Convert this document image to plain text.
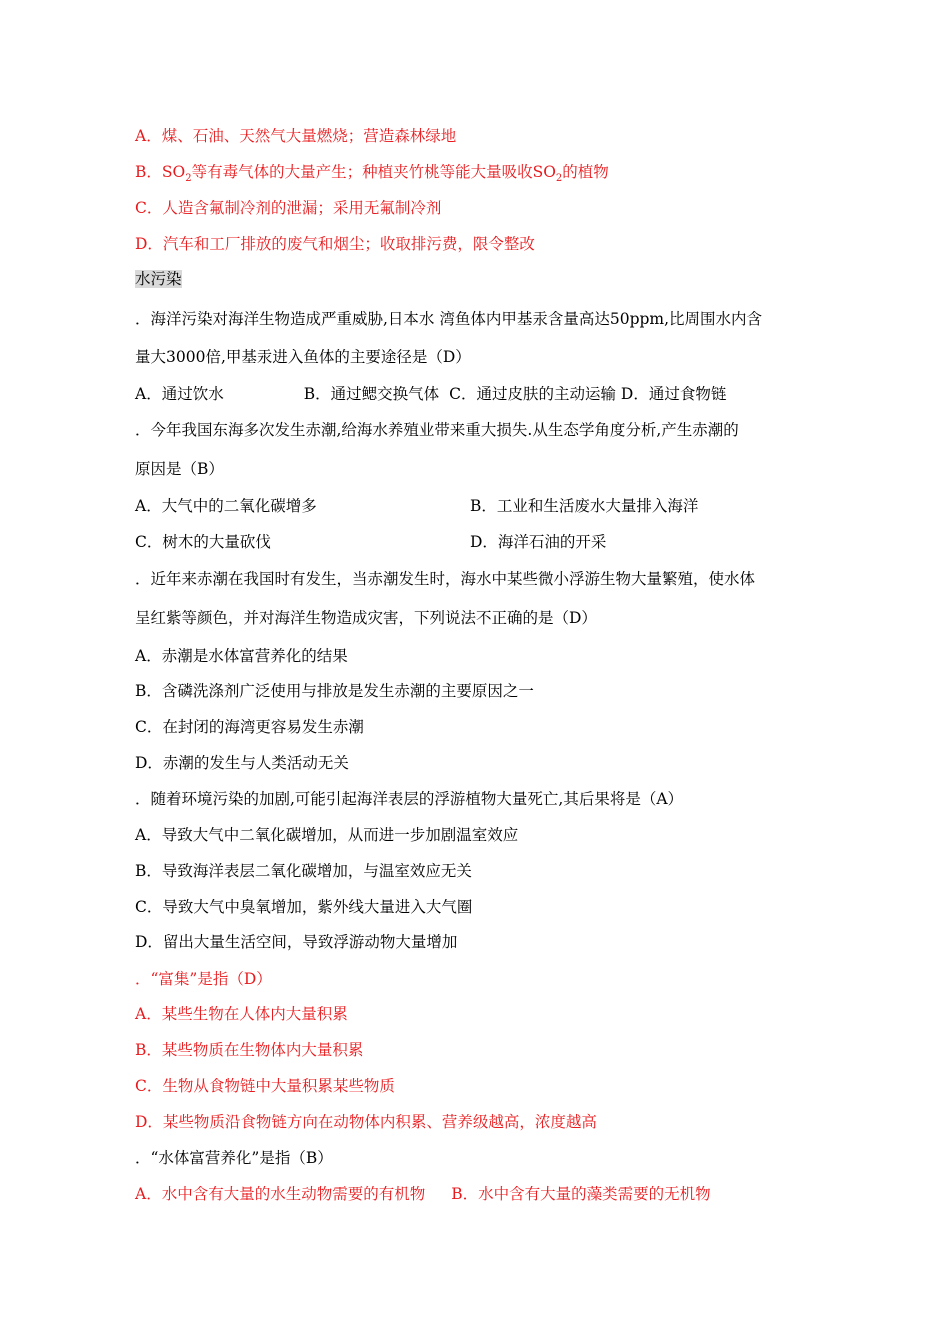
A．煤、石油、天然气大量燃烧；营造森林绿地
B．$SO_2$等有毒气体的大量产生；种植夹竹桃等能大量吸收$SO_2$的植物
C．人造含氟制冷剂的泄漏；采用无氟制冷剂
D．汽车和工厂排放的废气和烟尘；收取排污费，限令整改
水污染
．海洋污染对海洋生物造成严重威胁,日本水 湾鱼体内甲基汞含量高达50ppm,比周围水内含
量大3000倍,甲基汞进入鱼体的主要途径是（D）
A．通过饮水	B．通过鳃交换气体 C．通过皮肤的主动运输 D．通过食物链
．今年我国东海多次发生赤潮,给海水养殖业带来重大损失.从生态学角度分析,产生赤潮的
原因是（B）
A．大气中的二氧化碳增多	B．工业和生活废水大量排入海洋
C．树木的大量砍伐	D．海洋石油的开采
．近年来赤潮在我国时有发生，当赤潮发生时，海水中某些微小浮游生物大量繁殖，使水体
呈红紫等颜色，并对海洋生物造成灾害，下列说法不正确的是（D）
A．赤潮是水体富营养化的结果
B．含磷洗涤剂广泛使用与排放是发生赤潮的主要原因之一
C．在封闭的海湾更容易发生赤潮
D．赤潮的发生与人类活动无关
．随着环境污染的加剧,可能引起海洋表层的浮游植物大量死亡,其后果将是（A）
A．导致大气中二氧化碳增加，从而进一步加剧温室效应
B．导致海洋表层二氧化碳增加，与温室效应无关
C．导致大气中臭氧增加，紫外线大量进入大气圈
D．留出大量生活空间，导致浮游动物大量增加
．“富集”是指（D）
A．某些生物在人体内大量积累
B．某些物质在生物体内大量积累
C．生物从食物链中大量积累某些物质
D．某些物质沿食物链方向在动物体内积累、营养级越高，浓度越高
．“水体富营养化”是指（B）
A．水中含有大量的水生动物需要的有机物 B．水中含有大量的藻类需要的无机物
